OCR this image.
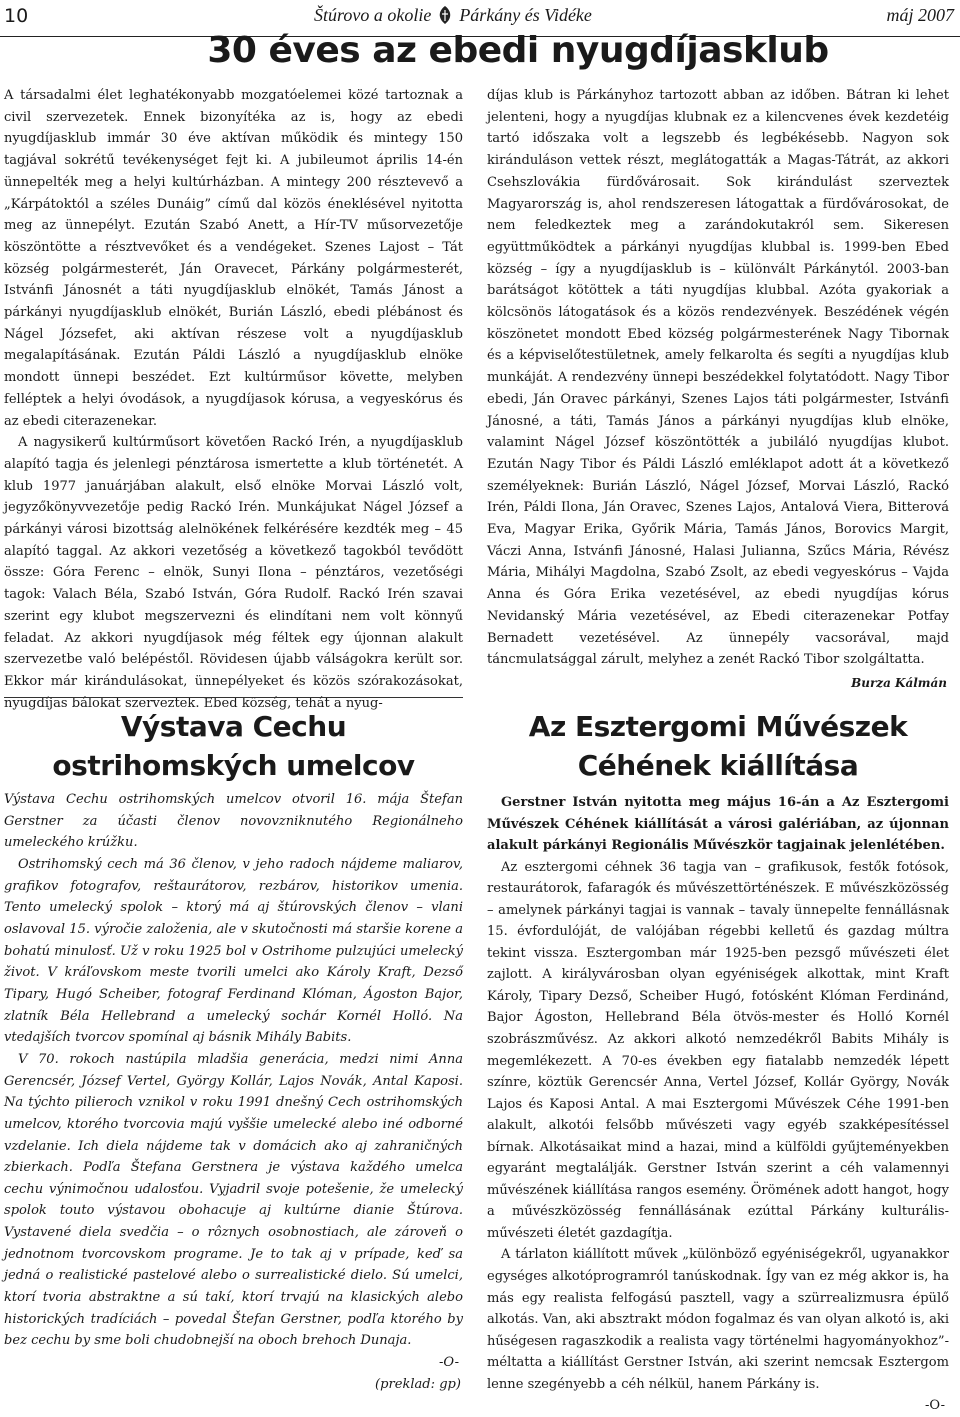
10	Štúrovo a okolie Párkány és Vidéke	máj 2007
30 éves az ebedi nyugdíjasklub

A társadalmi élet leghatékonyabb mozgatóelemei közé tartoznak a civil szervezetek. Ennek bizonyítéka az is, hogy az ebedi nyugdíjasklub immár 30 éve aktívan működik és mintegy 150 tagjával sokrétű tevékenységet fejt ki. A jubileumot április 14-én ünnepelték meg a helyi kultúrházban. A mintegy 200 résztevevő a „Kárpátoktól a széles Dunáig” című dal közös éneklésével nyitotta meg az ünnepélyt. Ezután Szabó Anett, a Hír-TV műsorvezetője köszöntötte a résztvevőket és a vendégeket. Szenes Lajost – Tát község polgármesterét, Ján Oravecet, Párkány polgármesterét, Istvánfi Jánosnét a táti nyugdíjasklub elnökét, Tamás Jánost a párkányi nyugdíjasklub elnökét, Burián László, ebedi plébánost és Nágel Józsefet, aki aktívan részese volt a nyugdíjasklub megalapításának. Ezután Páldi László a nyugdíjasklub elnöke mondott ünnepi beszédet. Ezt kultúrműsor követte, melyben felléptek a helyi óvodások, a nyugdíjasok kórusa, a vegyeskórus és az ebedi citerazenekar.

A nagysikerű kultúrműsort követően Rackó Irén, a nyugdíjasklub alapító tagja és jelenlegi pénztárosa ismertette a klub történetét. A klub 1977 januárjában alakult, első elnöke Morvai László volt, jegyzőkönyvvezetője pedig Rackó Irén. Munkájukat Nágel József a párkányi városi bizottság alelnökének felkérésére kezdték meg – 45 alapító taggal. Az akkori vezetőség a következő tagokból tevődött össze: Góra Ferenc – elnök, Sunyi Ilona – pénztáros, vezetőségi tagok: Valach Béla, Szabó István, Góra Rudolf. Rackó Irén szavai szerint egy klubot megszervezni és elindítani nem volt könnyű feladat. Az akkori nyugdíjasok még féltek egy újonnan alakult szervezetbe való belépéstől. Rövidesen újabb válságokra került sor. Ekkor már kirándulásokat, ünnepélyeket és közös szórakozásokat, nyugdíjas bálokat szerveztek. Ebed község, tehát a nyug-

díjas klub is Párkányhoz tartozott abban az időben. Bátran ki lehet jelenteni, hogy a nyugdíjas klubnak ez a kilencvenes évek kezdetéig tartó időszaka volt a legszebb és legbékésebb. Nagyon sok kiránduláson vettek részt, meglátogatták a Magas-Tátrát, az akkori Csehszlovákia fürdővárosait. Sok kirándulást szerveztek Magyarország is, ahol rendszeresen látogattak a fürdővárosokat, de nem feledkeztek meg a zarándokutakról sem. Sikeresen együttműködtek a párkányi nyugdíjas klubbal is. 1999-ben Ebed község – így a nyugdíjasklub is – különvált Párkánytól. 2003-ban barátságot kötöttek a táti nyugdíjas klubbal. Azóta gyakoriak a kölcsönös látogatások és a közös rendezvények. Beszédének végén köszönetet mondott Ebed község polgármesterének Nagy Tibornak és a képviselőtestületnek, amely felkarolta és segíti a nyugdíjas klub munkáját. A rendezvény ünnepi beszédekkel folytatódott. Nagy Tibor ebedi, Ján Oravec párkányi, Szenes Lajos táti polgármester, Istvánfi Jánosné, a táti, Tamás János a párkányi nyugdíjas klub elnöke, valamint Nágel József köszöntötték a jubiláló nyugdíjas klubot. Ezután Nagy Tibor és Páldi László emléklapot adott át a következő személyeknek: Burián László, Nágel József, Morvai László, Rackó Irén, Páldi Ilona, Ján Oravec, Szenes Lajos, Antalová Viera, Bitterová Eva, Magyar Erika, Győrik Mária, Tamás János, Borovics Margit, Váczi Anna, Istvánfi Jánosné, Halasi Julianna, Szűcs Mária, Révész Mária, Mihályi Magdolna, Szabó Zsolt, az ebedi vegyeskórus – Vajda Anna és Góra Erika vezetésével, az ebedi nyugdíjas kórus Nevidanský Mária vezetésével, az Ebedi citerazenekar Potfay Bernadett vezetésével. Az ünnepély vacsorával, majd táncmulatsággal zárult, melyhez a zenét Rackó Tibor szolgáltatta.

Burza Kálmán
Výstava Cechu
ostrihomských umelcov
Az Esztergomi Művészek
Céhének kiállítása

Výstava Cechu ostrihomských umelcov otvoril 16. mája Štefan Gerstner za účasti členov novovzniknutého Regionálneho umeleckého krúžku.

Ostrihomský cech má 36 členov, v jeho radoch nájdeme maliarov, grafikov fotografov, reštaurátorov, rezbárov, historikov umenia. Tento umelecký spolok – ktorý má aj štúrovských členov – vlani oslavoval 15. výročie založenia, ale v skutočnosti má staršie korene a bohatú minulosť. Už v roku 1925 bol v Ostrihome pulzujúci umelecký život. V kráľovskom meste tvorili umelci ako Károly Kraft, Dezső Tipary, Hugó Scheiber, fotograf Ferdinand Klóman, Ágoston Bajor, zlatník Béla Hellebrand a umelecký sochár Kornél Holló. Na vtedajších tvorcov spomínal aj básnik Mihály Babits.

V 70. rokoch nastúpila mladšia generácia, medzi nimi Anna Gerencsér, József Vertel, György Kollár, Lajos Novák, Antal Kaposi. Na týchto pilieroch vznikol v roku 1991 dnešný Cech ostrihomských umelcov, ktorého tvorcovia majú vyššie umelecké alebo iné odborné vzdelanie. Ich diela nájdeme tak v domácich ako aj zahraničných zbierkach. Podľa Štefana Gerstnera je výstava každého umelca cechu výnimočnou udalosťou. Vyjadril svoje potešenie, že umelecký spolok touto výstavou obohacuje aj kultúrne dianie Štúrova. Vystavené diela svedčia – o rôznych osobnostiach, ale zároveň o jednotnom tvorcovskom programe. Je to tak aj v prípade, keď sa jedná o realistické pastelové alebo o surrealistické dielo. Sú umelci, ktorí tvoria abstraktne a sú takí, ktorí trvajú na klasických alebo historických tradíciách – povedal Štefan Gerstner, podľa ktorého by bez cechu by sme boli chudobnejší na oboch brehoch Dunaja.

-O-
(preklad: gp)

Gerstner István nyitotta meg május 16-án a Az Esztergomi Művészek Céhének kiállítását a városi galériában, az újonnan alakult párkányi Regionális Művészkör tagjainak jelenlétében.

Az esztergomi céhnek 36 tagja van – grafikusok, festők fotósok, restaurátorok, fafaragók és művészettörténészek. E művészközösség – amelynek párkányi tagjai is vannak – tavaly ünnepelte fennállásnak 15. évfordulóját, de valójában régebbi kelletű és gazdag múltra tekint vissza. Esztergomban már 1925-ben pezsgő művészeti élet zajlott. A királyvárosban olyan egyéniségek alkottak, mint Kraft Károly, Tipary Dezső, Scheiber Hugó, fotósként Klóman Ferdinánd, Bajor Ágoston, Hellebrand Béla ötvös-mester és Holló Kornél szobrászművész. Az akkori alkotó nemzedékről Babits Mihály is megemlékezett. A 70-es években egy fiatalabb nemzedék lépett színre, köztük Gerencsér Anna, Vertel József, Kollár György, Novák Lajos és Kaposi Antal. A mai Esztergomi Művészek Céhe 1991-ben alakult, alkotói felsőbb művészeti vagy egyéb szakképesítéssel bírnak. Alkotásaikat mind a hazai, mind a külföldi gyűjteményekben egyaránt megtalálják. Gerstner István szerint a céh valamennyi művészének kiállítása rangos esemény. Örömének adott hangot, hogy a művészközösség fennállásának ezúttal Párkány kulturális-művészeti életét gazdagítja.

A tárlaton kiállított művek „különböző egyéniségekről, ugyanakkor egységes alkotóprogramról tanúskodnak. Így van ez még akkor is, ha más egy realista felfogású pasztell, vagy a szürrealizmusra épülő alkotás. Van, aki absztrakt módon fogalmaz és van olyan alkotó is, aki hűségesen ragaszkodik a realista vagy történelmi hagyományokhoz”- méltatta a kiállítást Gerstner István, aki szerint nemcsak Esztergom lenne szegényebb a céh nélkül, hanem Párkány is.

-O-
